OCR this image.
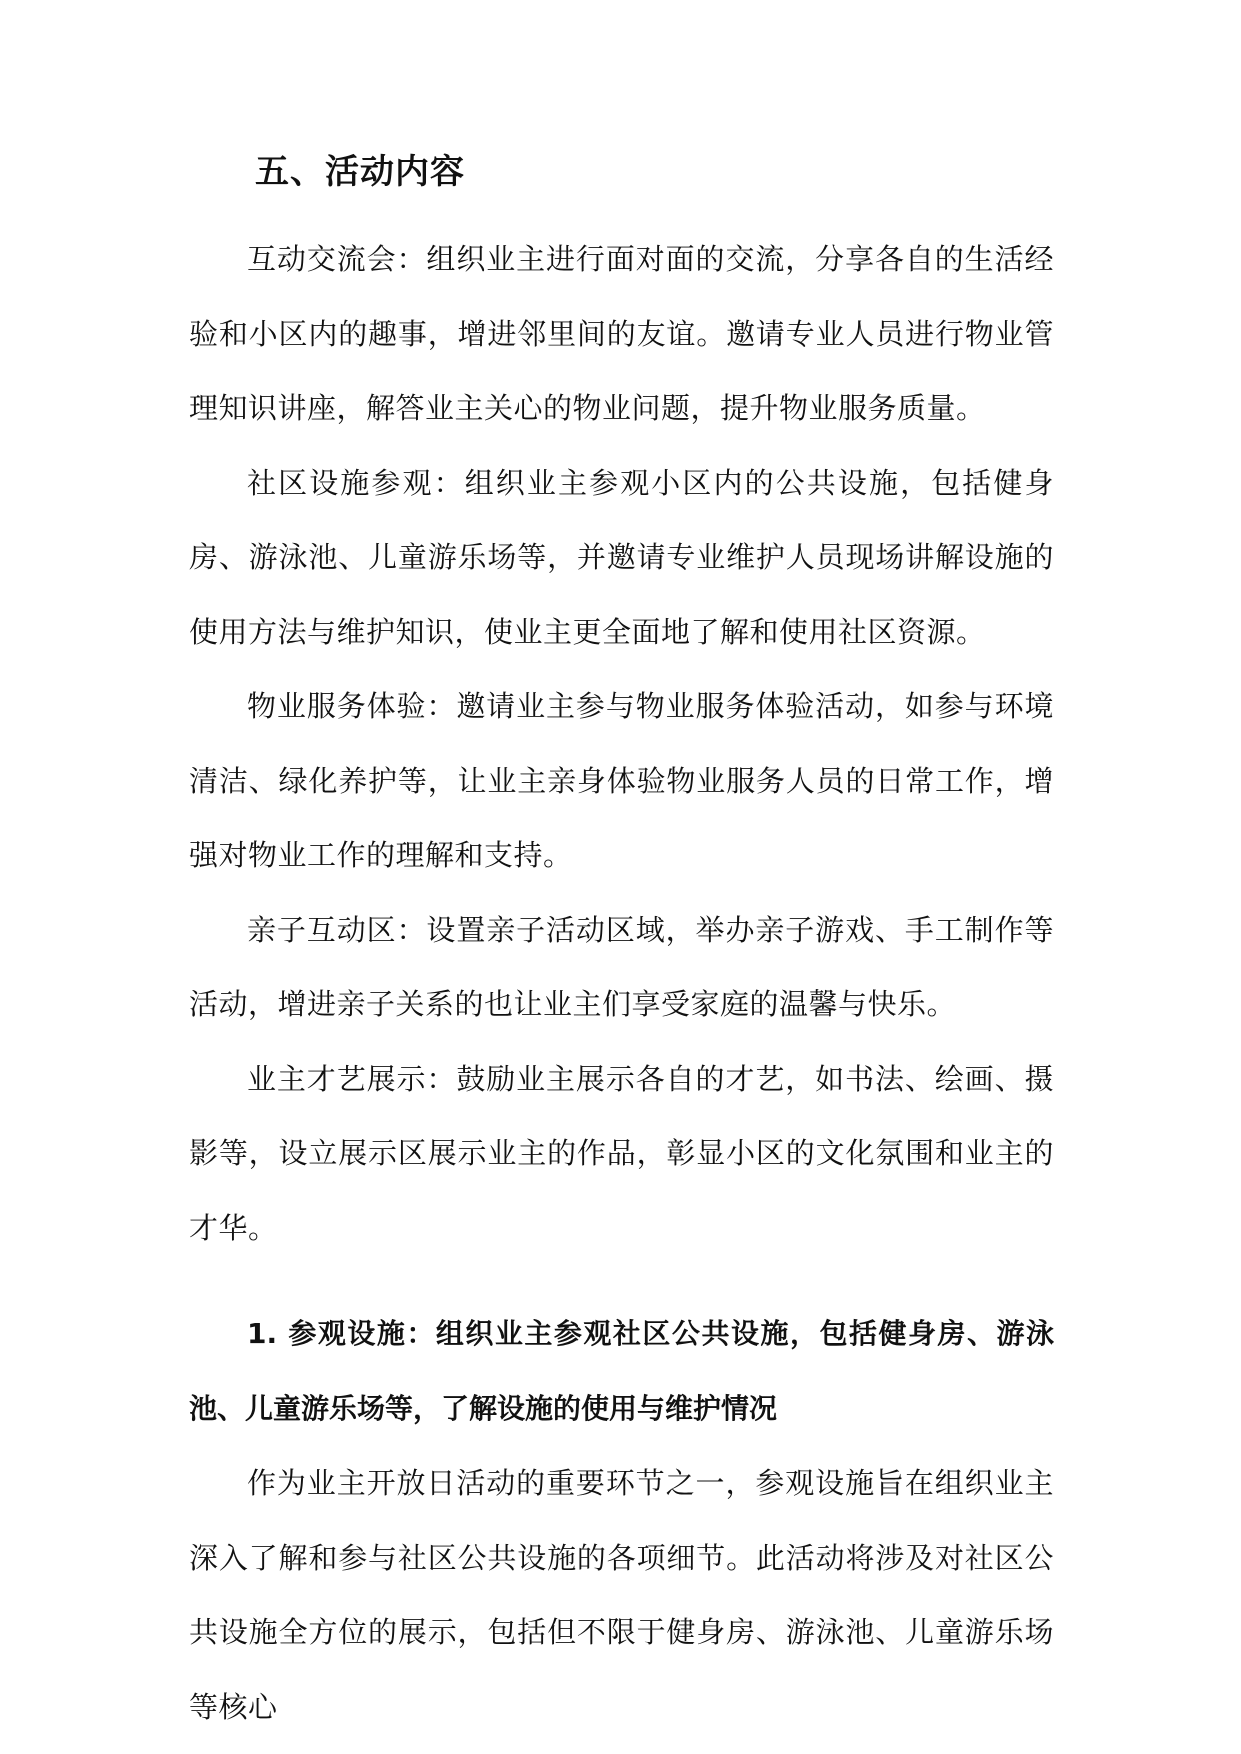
五、活动内容

互动交流会：组织业主进行面对面的交流，分享各自的生活经验和小区内的趣事，增进邻里间的友谊。邀请专业人员进行物业管理知识讲座，解答业主关心的物业问题，提升物业服务质量。

社区设施参观：组织业主参观小区内的公共设施，包括健身房、游泳池、儿童游乐场等，并邀请专业维护人员现场讲解设施的使用方法与维护知识，使业主更全面地了解和使用社区资源。

物业服务体验：邀请业主参与物业服务体验活动，如参与环境清洁、绿化养护等，让业主亲身体验物业服务人员的日常工作，增强对物业工作的理解和支持。

亲子互动区：设置亲子活动区域，举办亲子游戏、手工制作等活动，增进亲子关系的也让业主们享受家庭的温馨与快乐。

业主才艺展示：鼓励业主展示各自的才艺，如书法、绘画、摄影等，设立展示区展示业主的作品，彰显小区的文化氛围和业主的才华。

1. 参观设施：组织业主参观社区公共设施，包括健身房、游泳池、儿童游乐场等，了解设施的使用与维护情况

作为业主开放日活动的重要环节之一，参观设施旨在组织业主深入了解和参与社区公共设施的各项细节。此活动将涉及对社区公共设施全方位的展示，包括但不限于健身房、游泳池、儿童游乐场等核心
